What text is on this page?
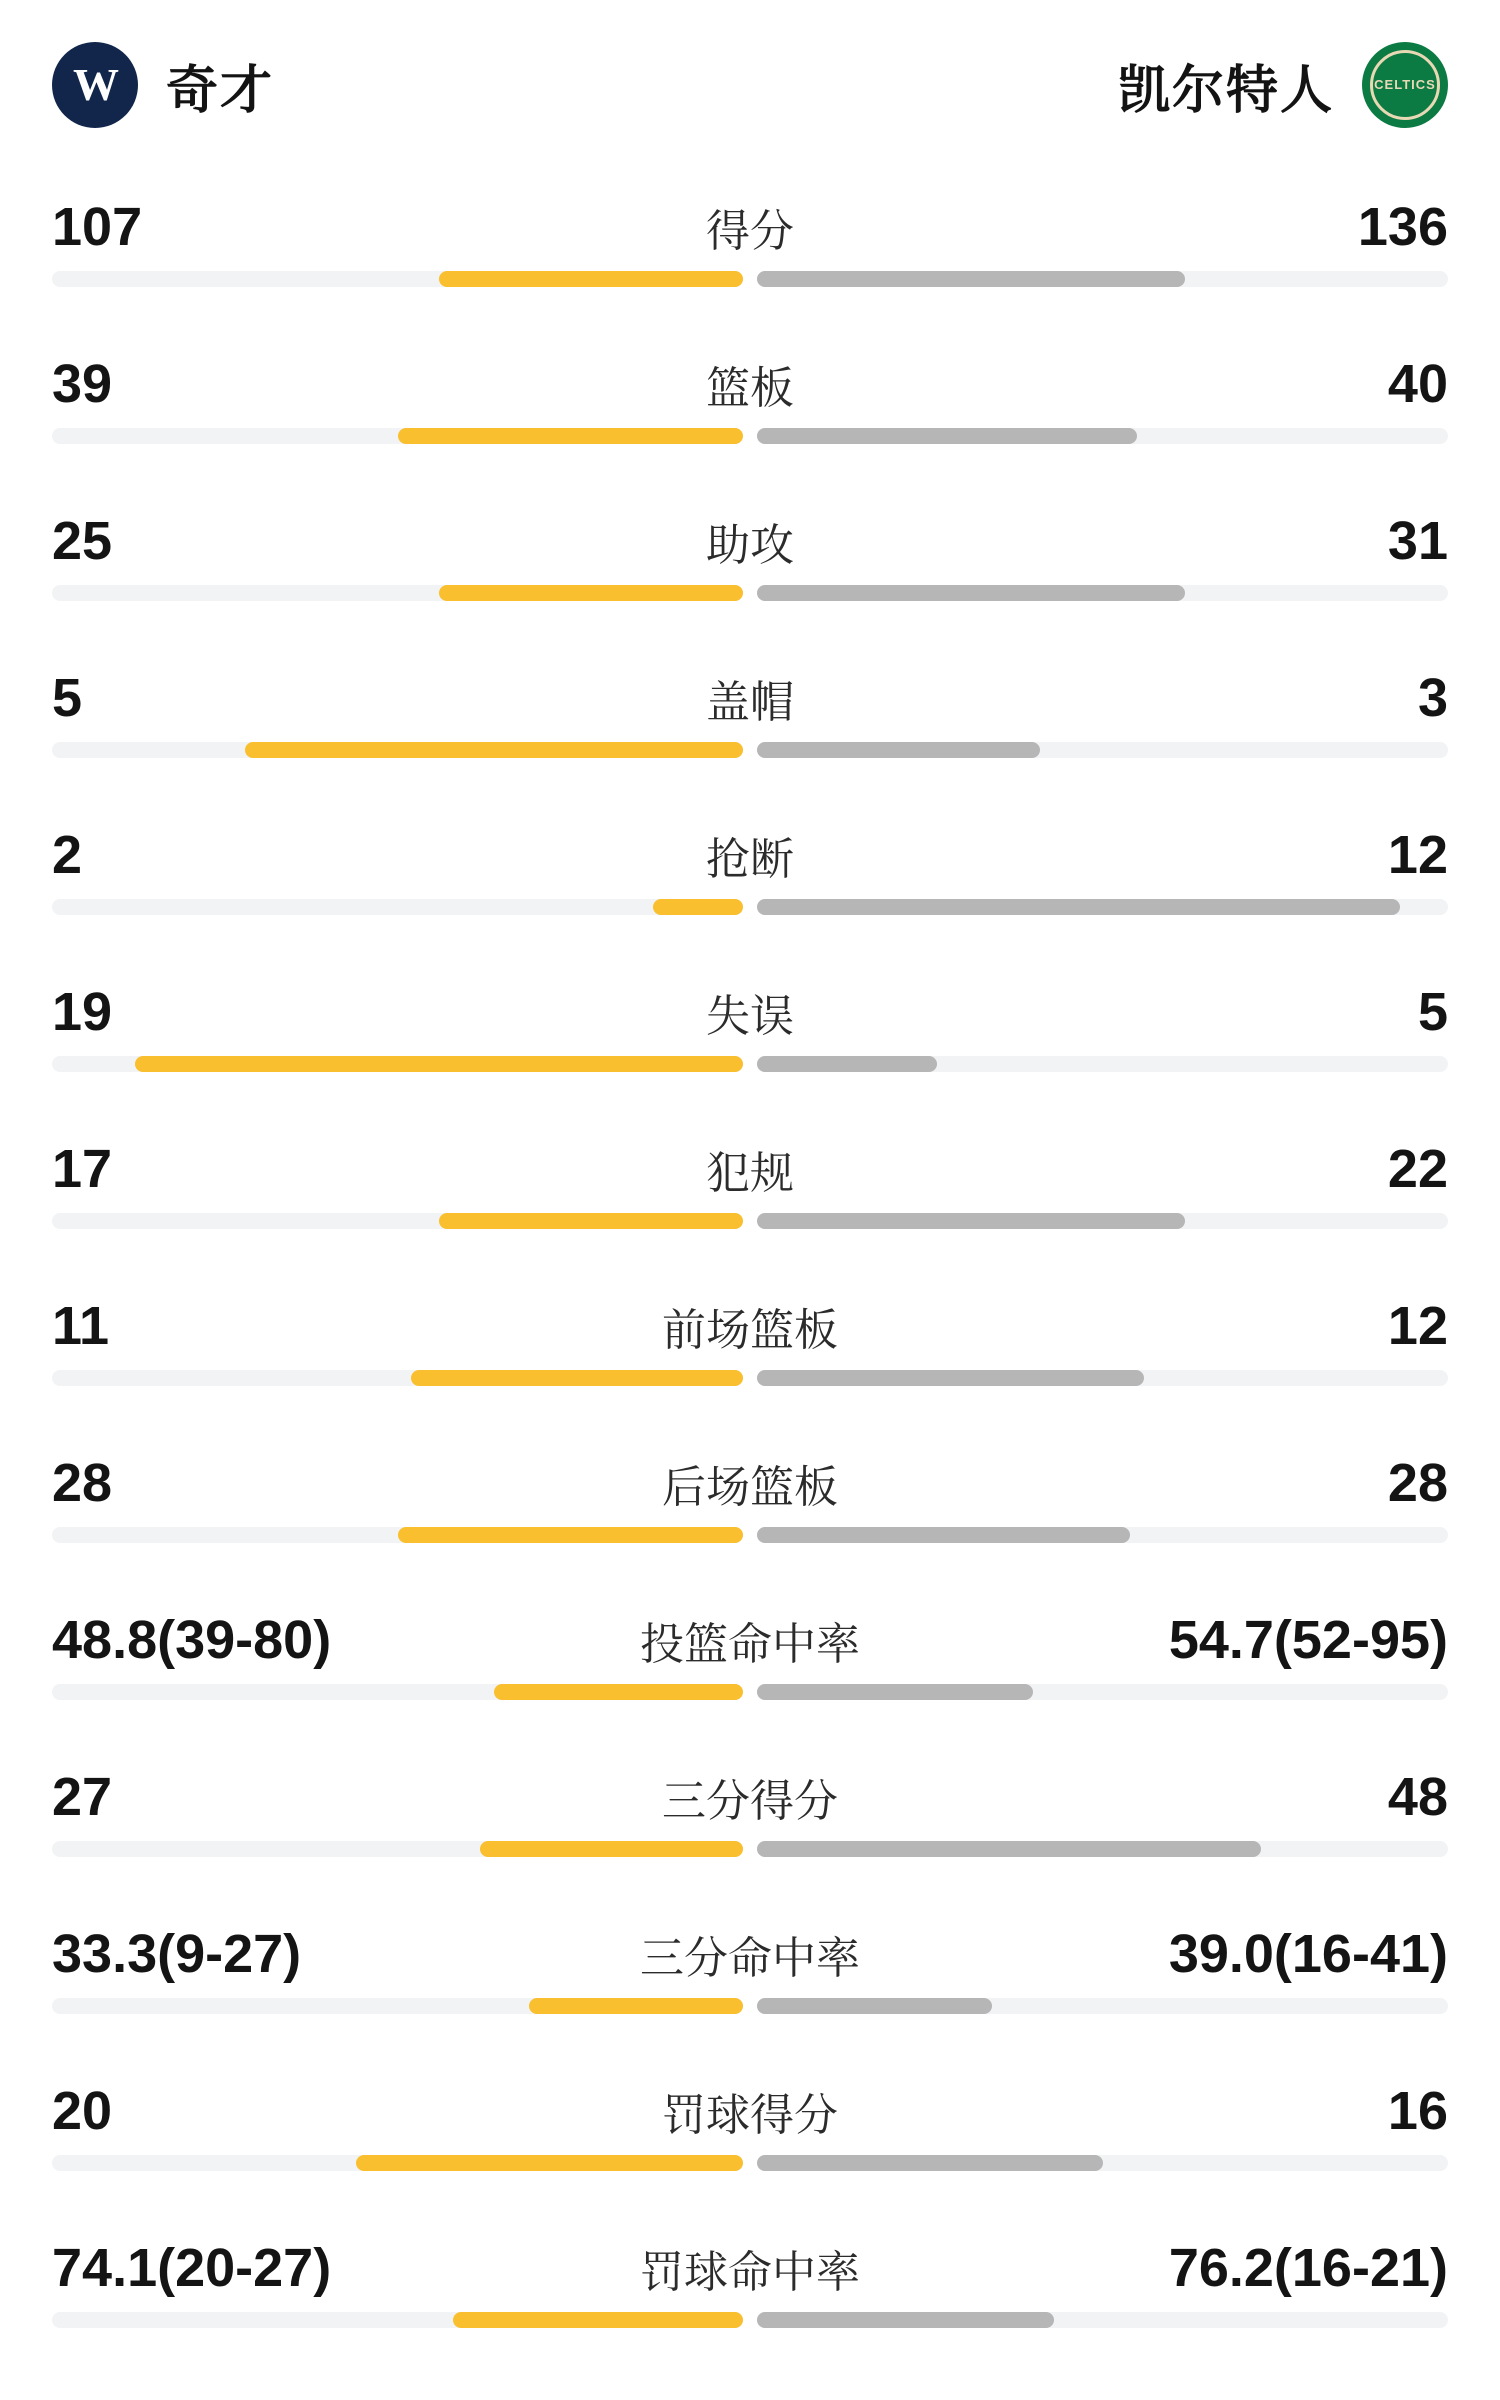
W 奇才	凯尔特人	CELTICS
107	得分	136
39	篮板	40
25	助攻	31
5	盖帽	3
2	抢断	12
19	失误	5
17	犯规	22
11	前场篮板	12
28	后场篮板	28
48.8(39-80)	投篮命中率	54.7(52-95)
27	三分得分	48
33.3(9-27)	三分命中率	39.0(16-41)
20	罚球得分	16
74.1(20-27)	罚球命中率	76.2(16-21)
